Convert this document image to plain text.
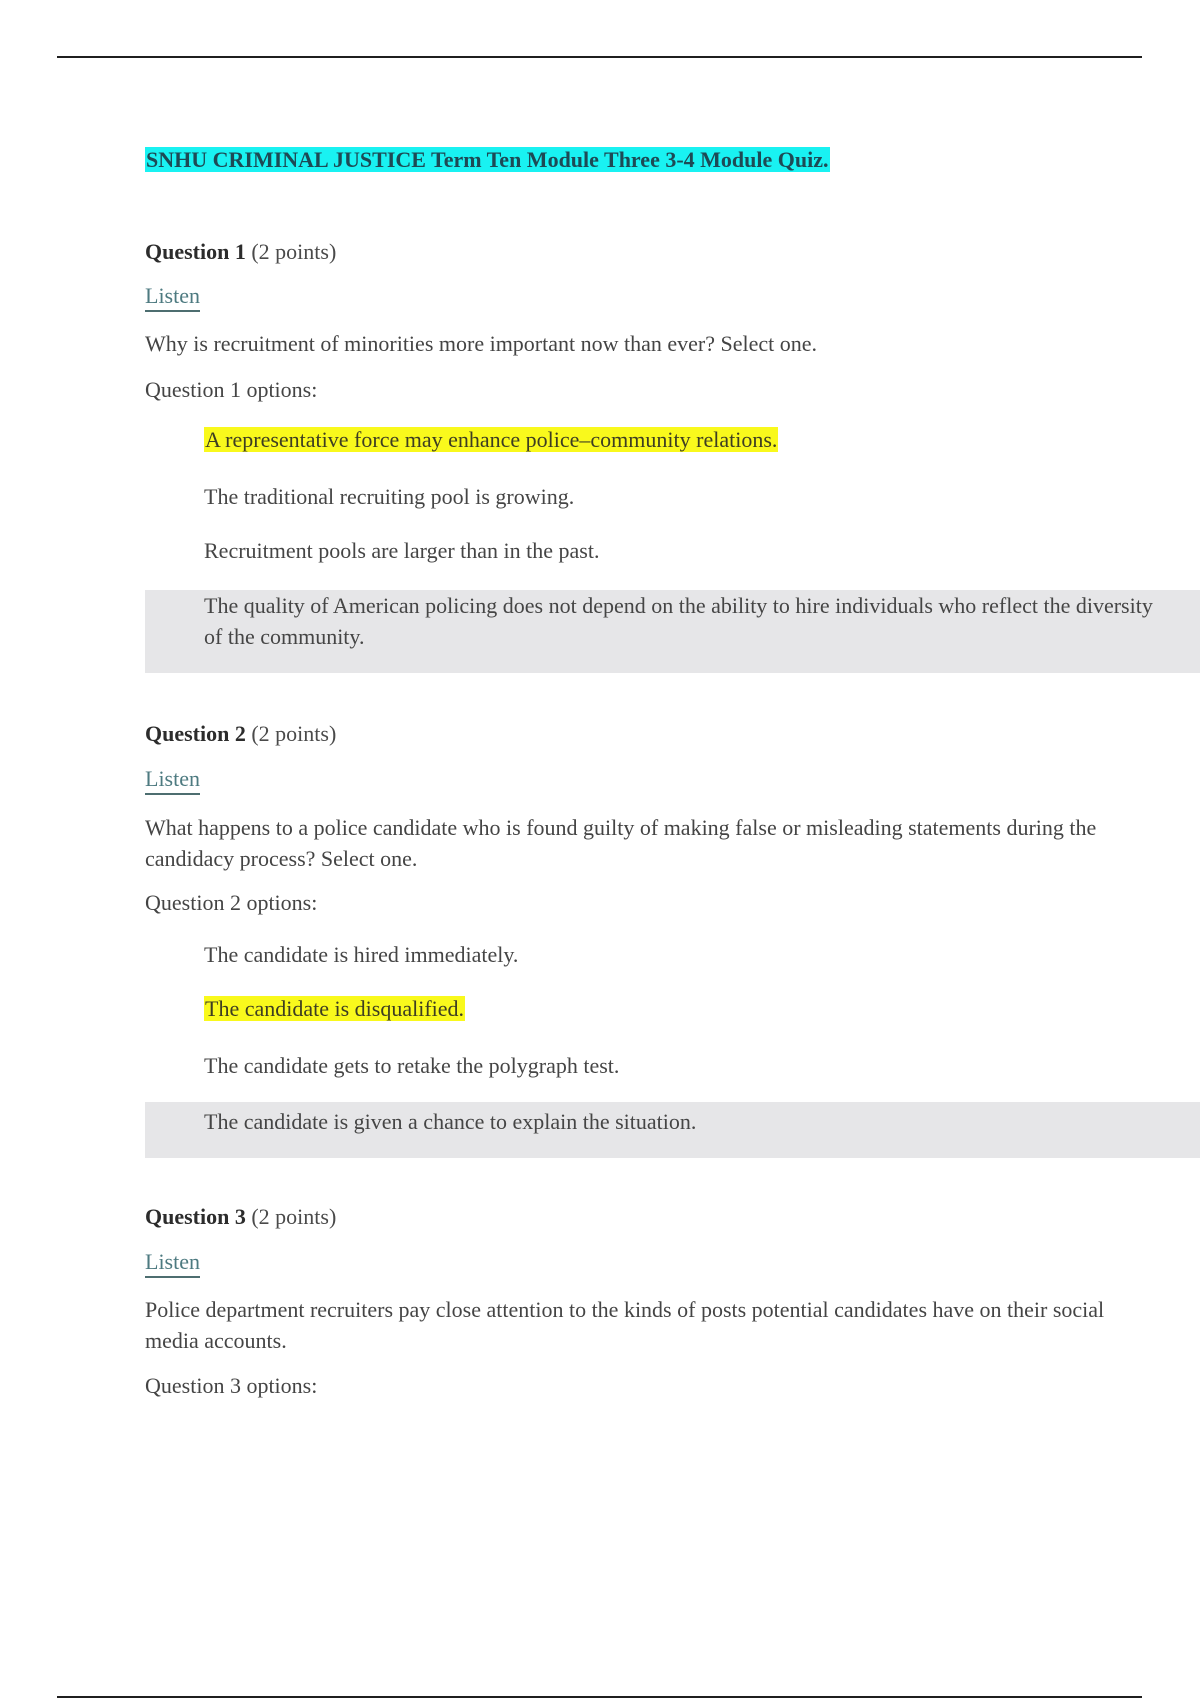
SNHU CRIMINAL JUSTICE Term Ten Module Three 3-4 Module Quiz.
Question 1 (2 points)
Listen
Why is recruitment of minorities more important now than ever? Select one.
Question 1 options:
A representative force may enhance police–community relations.
The traditional recruiting pool is growing.
Recruitment pools are larger than in the past.
The quality of American policing does not depend on the ability to hire individuals who reflect the diversity of the community.
Question 2 (2 points)
Listen
What happens to a police candidate who is found guilty of making false or misleading statements during the candidacy process? Select one.
Question 2 options:
The candidate is hired immediately.
The candidate is disqualified.
The candidate gets to retake the polygraph test.
The candidate is given a chance to explain the situation.
Question 3 (2 points)
Listen
Police department recruiters pay close attention to the kinds of posts potential candidates have on their social media accounts.
Question 3 options:
